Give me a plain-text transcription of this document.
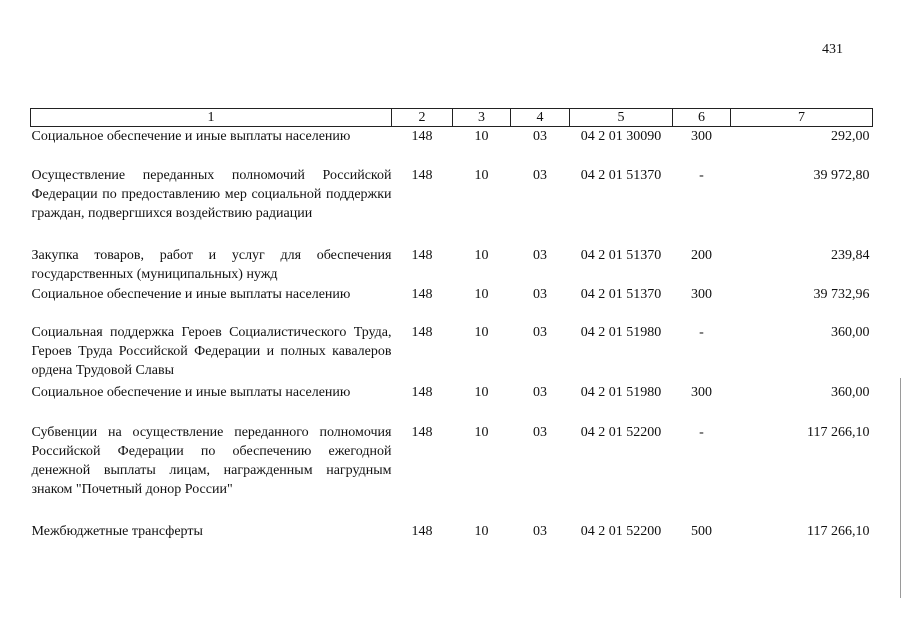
431
1	2	3	4	5	6	7
Социальное обеспечение и иные выплаты населению	148	10	03	04 2 01 30090	300	292,00
Осуществление переданных полномочий Российской Федерации по предоставлению мер социальной поддержки граждан, подвергшихся воздействию радиации	148	10	03	04 2 01 51370	-	39 972,80
Закупка товаров, работ и услуг для обеспечения государственных (муниципальных) нужд	148	10	03	04 2 01 51370	200	239,84
Социальное обеспечение и иные выплаты населению	148	10	03	04 2 01 51370	300	39 732,96
Социальная поддержка Героев Социалистического Труда, Героев Труда Российской Федерации и полных кавалеров ордена Трудовой Славы	148	10	03	04 2 01 51980	-	360,00
Социальное обеспечение и иные выплаты населению	148	10	03	04 2 01 51980	300	360,00
Субвенции на осуществление переданного полномочия Российской Федерации по обеспечению ежегодной денежной выплаты лицам, награжденным нагрудным знаком "Почетный донор России"	148	10	03	04 2 01 52200	-	117 266,10
Межбюджетные трансферты	148	10	03	04 2 01 52200	500	117 266,10
